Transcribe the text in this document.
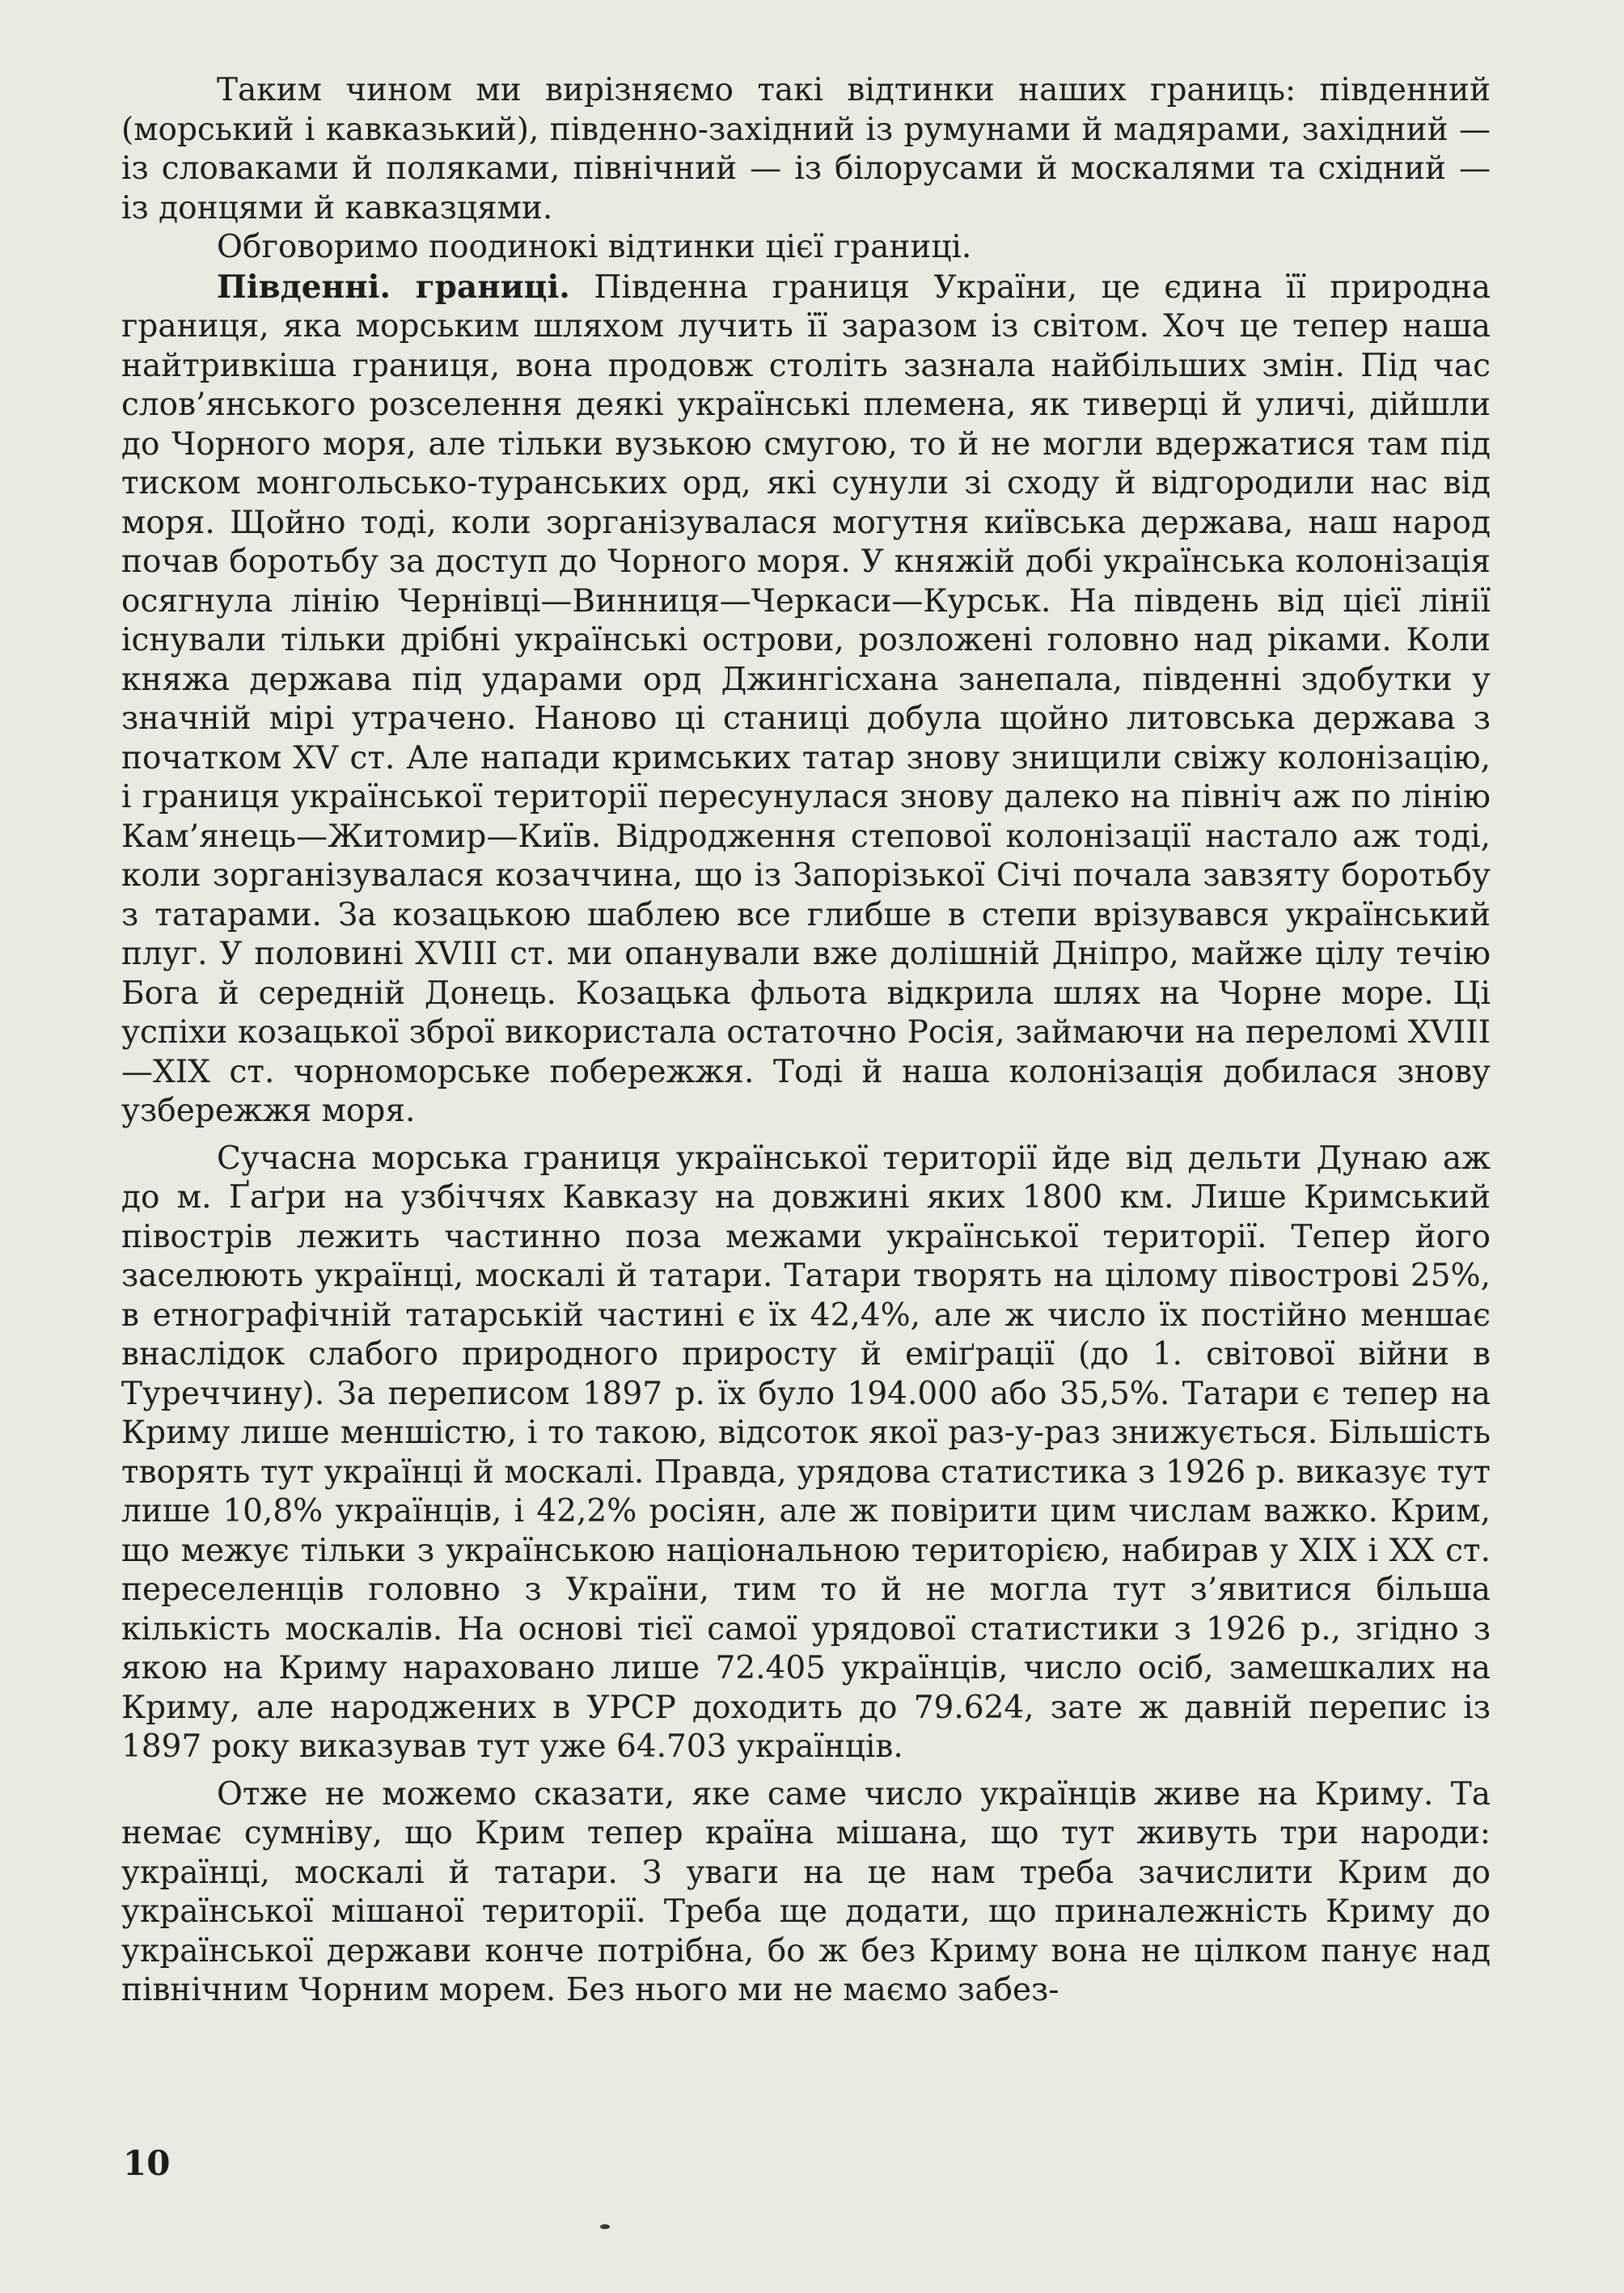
Таким чином ми вирізняємо такі відтинки наших границь: південний (морський і кавказький), південно-західний із румунами й мадярами, західний — із словаками й поляками, північний — із білорусами й москалями та східний — із донцями й кавказцями.

Обговоримо поодинокі відтинки цієї границі.

Південні. границі. Південна границя України, це єдина її природна границя, яка морським шляхом лучить її заразом із світом. Хоч це тепер наша найтривкіша границя, вона продовж століть зазнала найбільших змін. Під час слов’янського розселення деякі українські племена, як тиверці й уличі, дійшли до Чорного моря, але тільки вузькою смугою, то й не могли вдержатися там під тиском монгольсько-туранських орд, які сунули зі сходу й відгородили нас від моря. Щойно тоді, коли зорганізувалася могутня київська держава, наш народ почав боротьбу за доступ до Чорного моря. У княжій добі українська колонізація осягнула лінію Чернівці—Винниця—Черкаси—Курськ. На південь від цієї лінії існували тільки дрібні українські острови, розложені головно над ріками. Коли княжа держава під ударами орд Джингісхана занепала, південні здобутки у значній мірі утрачено. Наново ці станиці добула щойно литовська держава з початком XV ст. Але напади кримських татар знову знищили свіжу колонізацію, і границя української території пересунулася знову далеко на північ аж по лінію Кам’янець—Житомир—Київ. Відродження степової колонізації настало аж тоді, коли зорганізувалася козаччина, що із Запорізької Січі почала завзяту боротьбу з татарами. За козацькою шаблею все глибше в степи врізувався український плуг. У половині XVIII ст. ми опанували вже долішній Дніпро, майже цілу течію Бога й середній Донець. Козацька фльота відкрила шлях на Чорне море. Ці успіхи козацької зброї використала остаточно Росія, займаючи на переломі XVIII—XIX ст. чорноморське побережжя. Тоді й наша колонізація добилася знову узбережжя моря.

Сучасна морська границя української території йде від дельти Дунаю аж до м. Ґаґри на узбіччях Кавказу на довжині яких 1800 км. Лише Кримський півострів лежить частинно поза межами української території. Тепер його заселюють українці, москалі й татари. Татари творять на цілому півострові 25%, в етнографічній татарській частині є їх 42,4%, але ж число їх постійно меншає внаслідок слабого природного приросту й еміґрації (до 1. світової війни в Туреччину). За переписом 1897 р. їх було 194.000 або 35,5%. Татари є тепер на Криму лише меншістю, і то такою, відсоток якої раз-у-раз знижується. Більшість творять тут українці й москалі. Правда, урядова статистика з 1926 р. виказує тут лише 10,8% українців, і 42,2% росіян, але ж повірити цим числам важко. Крим, що межує тільки з українською національною територією, набирав у XIX і XX ст. переселенців головно з України, тим то й не могла тут з’явитися більша кількість москалів. На основі тієї самої урядової статистики з 1926 р., згідно з якою на Криму нараховано лише 72.405 українців, число осіб, замешкалих на Криму, але народжених в УРСР доходить до 79.624, зате ж давній перепис із 1897 року виказував тут уже 64.703 українців.

Отже не можемо сказати, яке саме число українців живе на Криму. Та немає сумніву, що Крим тепер країна мішана, що тут живуть три народи: українці, москалі й татари. З уваги на це нам треба зачислити Крим до української мішаної території. Треба ще додати, що приналежність Криму до української держави конче потрібна, бо ж без Криму вона не цілком панує над північним Чорним морем. Без нього ми не маємо забез-

10
